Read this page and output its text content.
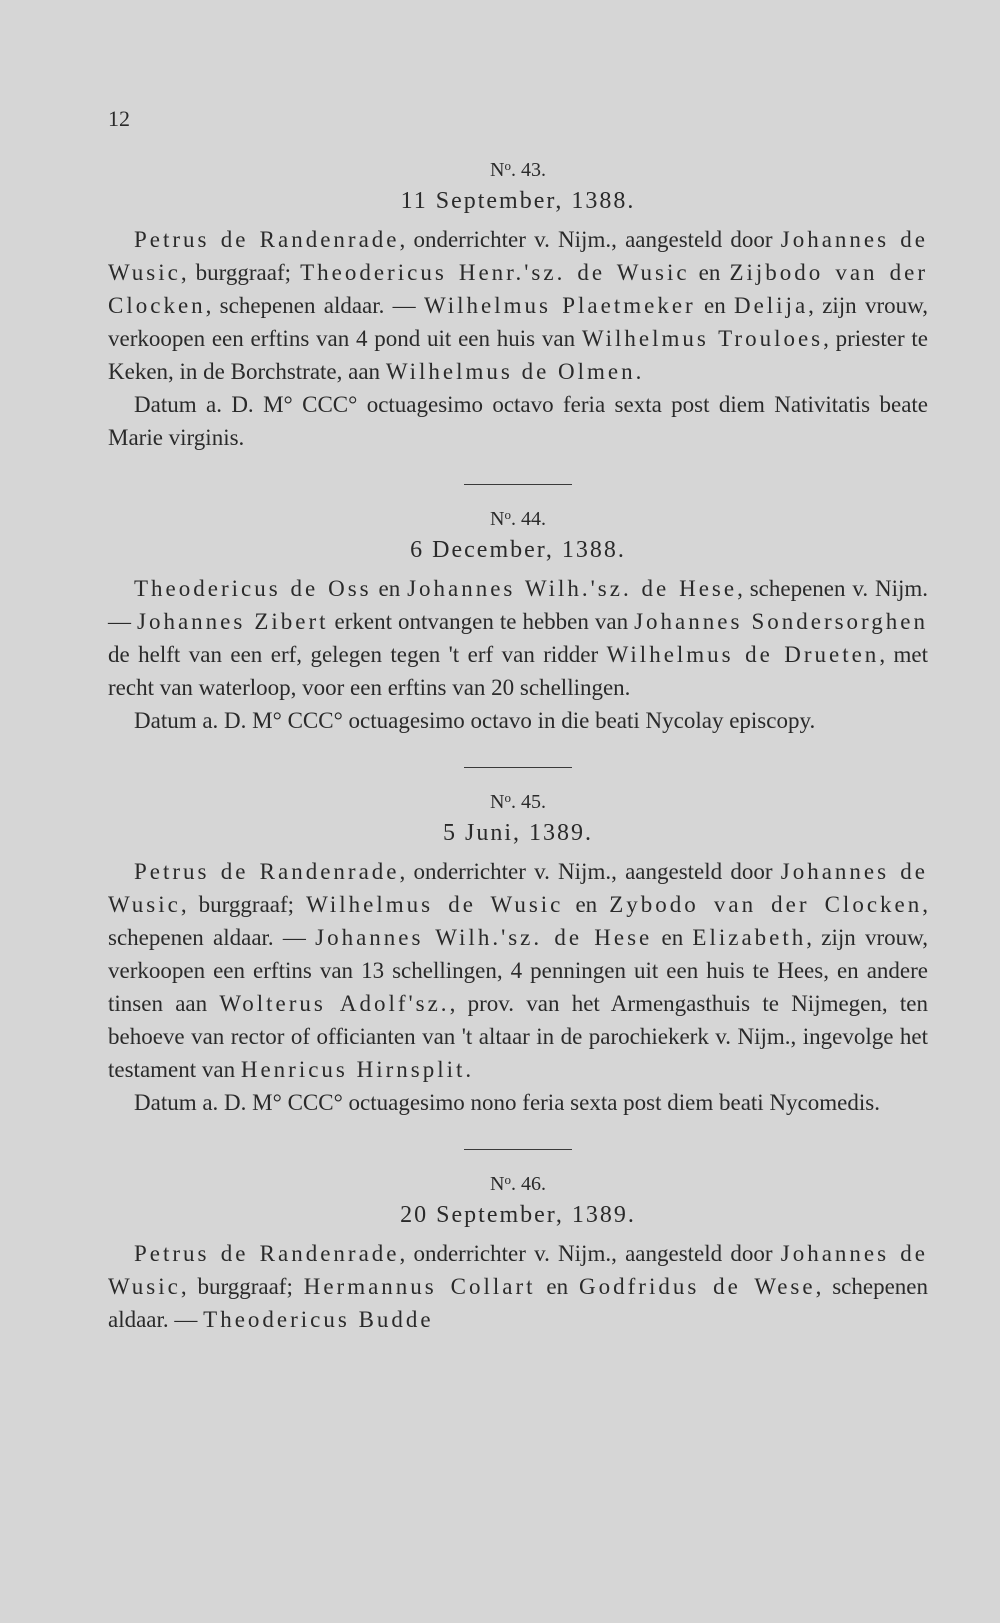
12
$N^o$. 43.
11 September, 1388.

Petrus de Randenrade, onderrichter v. Nijm., aangesteld door Johannes de Wusic, burggraaf; Theodericus Henr.'sz. de Wusic en Zijbodo van der Clocken, schepenen aldaar. — Wilhelmus Plaetmeker en Delija, zijn vrouw, verkoopen een erftins van 4 pond uit een huis van Wilhelmus Trouloes, priester te Keken, in de Borchstrate, aan Wilhelmus de Olmen.

Datum a. D. M° CCC° octuagesimo octavo feria sexta post diem Nativitatis beate Marie virginis.

$N^o$. 44.
6 December, 1388.

Theodericus de Oss en Johannes Wilh.'sz. de Hese, schepenen v. Nijm. — Johannes Zibert erkent ontvangen te hebben van Johannes Sondersorghen de helft van een erf, gelegen tegen 't erf van ridder Wilhelmus de Drueten, met recht van waterloop, voor een erftins van 20 schellingen.

Datum a. D. M° CCC° octuagesimo octavo in die beati Nycolay episcopy.

$N^o$. 45.
5 Juni, 1389.

Petrus de Randenrade, onderrichter v. Nijm., aangesteld door Johannes de Wusic, burggraaf; Wilhelmus de Wusic en Zybodo van der Clocken, schepenen aldaar. — Johannes Wilh.'sz. de Hese en Elizabeth, zijn vrouw, verkoopen een erftins van 13 schellingen, 4 penningen uit een huis te Hees, en andere tinsen aan Wolterus Adolf'sz., prov. van het Armengasthuis te Nijmegen, ten behoeve van rector of officianten van 't altaar in de parochiekerk v. Nijm., ingevolge het testament van Henricus Hirnsplit.

Datum a. D. M° CCC° octuagesimo nono feria sexta post diem beati Nycomedis.

$N^o$. 46.
20 September, 1389.

Petrus de Randenrade, onderrichter v. Nijm., aangesteld door Johannes de Wusic, burggraaf; Hermannus Collart en Godfridus de Wese, schepenen aldaar. — Theodericus Budde
